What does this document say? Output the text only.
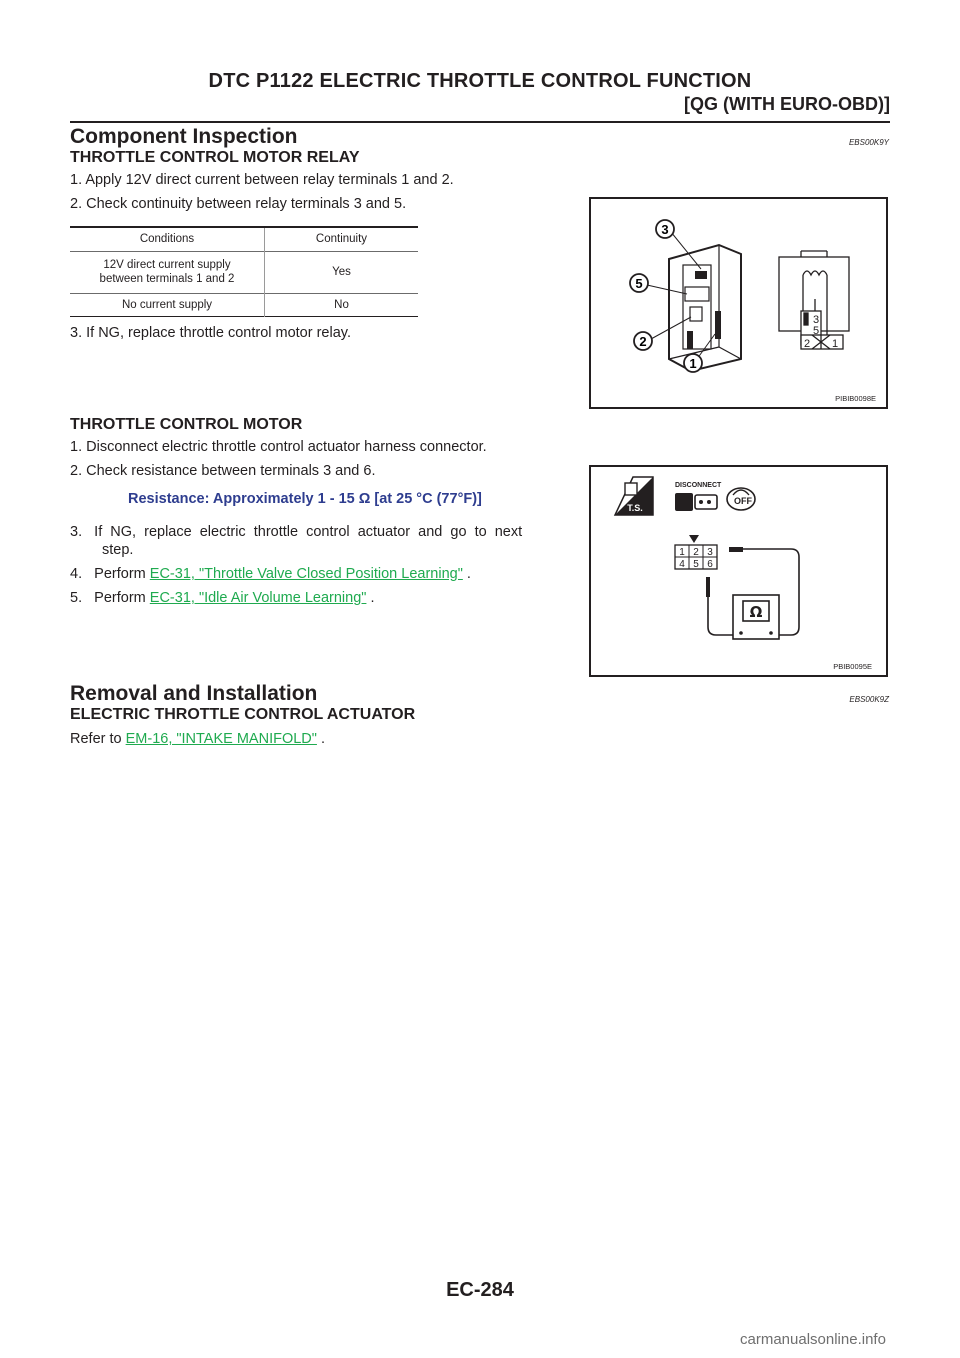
DTC P1122 ELECTRIC THROTTLE CONTROL FUNCTION
[QG (WITH EURO-OBD)]
Component Inspection	EBS00K9Y
THROTTLE CONTROL MOTOR RELAY
1. Apply 12V direct current between relay terminals 1 and 2.
2. Check continuity between relay terminals 3 and 5.
Conditions	Continuity
12V direct current supply
between terminals 1 and 2	Yes
No current supply	No
3. If NG, replace throttle control motor relay.
3
5
2
1
3
5
2 1
PIBIB0098E
THROTTLE CONTROL MOTOR
1. Disconnect electric throttle control actuator harness connector.
2. Check resistance between terminals 3 and 6.
Resistance: Approximately 1 - 15 Ω [at 25 °C (77°F)]
3.   If  NG,  replace  electric  throttle  control  actuator  and  go  to  next
step.
4.   Perform EC-31, "Throttle Valve Closed Position Learning" .
5.   Perform EC-31, "Idle Air Volume Learning" .
T.S.
DISCONNECT
OFF
1 2 3
4 5 6
Ω
PBIB0095E
Removal and Installation	EBS00K9Z
ELECTRIC THROTTLE CONTROL ACTUATOR
Refer to EM-16, "INTAKE MANIFOLD" .
EC-284
carmanualsonline.info
